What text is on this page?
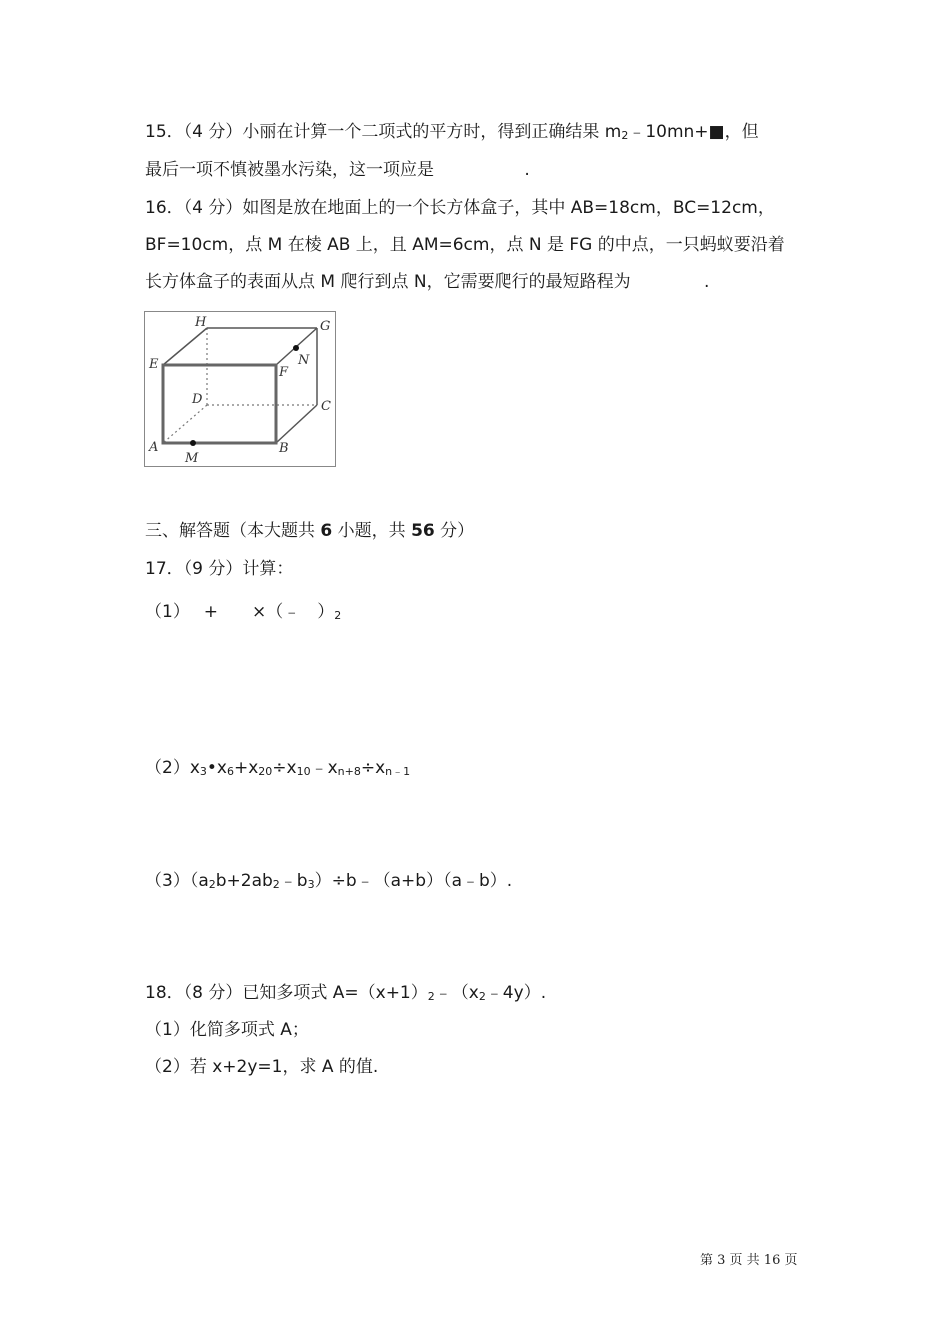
15．（4 分）小丽在计算一个二项式的平方时，得到正确结果 m2﹣10mn+■，但
最后一项不慎被墨水污染，这一项应是 　　　　　.
16．（4 分）如图是放在地面上的一个长方体盒子，其中 AB=18cm，BC=12cm，
BF=10cm，点 M 在棱 AB 上，且 AM=6cm，点 N 是 FG 的中点，一只蚂蚁要沿着
长方体盒子的表面从点 M 爬行到点 N，它需要爬行的最短路程为 　　　　.
H	G
E
F
N
D	C
A
M
B
三、解答题（本大题共 6 小题，共 56 分）
17．（9 分）计算：
（1）　 +　　×（﹣　）2
（2）x3•x6+x20÷x10﹣xn+8÷xn﹣1
（3）（a2b+2ab2﹣b3）÷b﹣（a+b）（a﹣b）.
18．（8 分）已知多项式 A=（x+1）2﹣（x2﹣4y）.
（1）化简多项式 A；
（2）若 x+2y=1，求 A 的值.
第 3 页 共 16 页
